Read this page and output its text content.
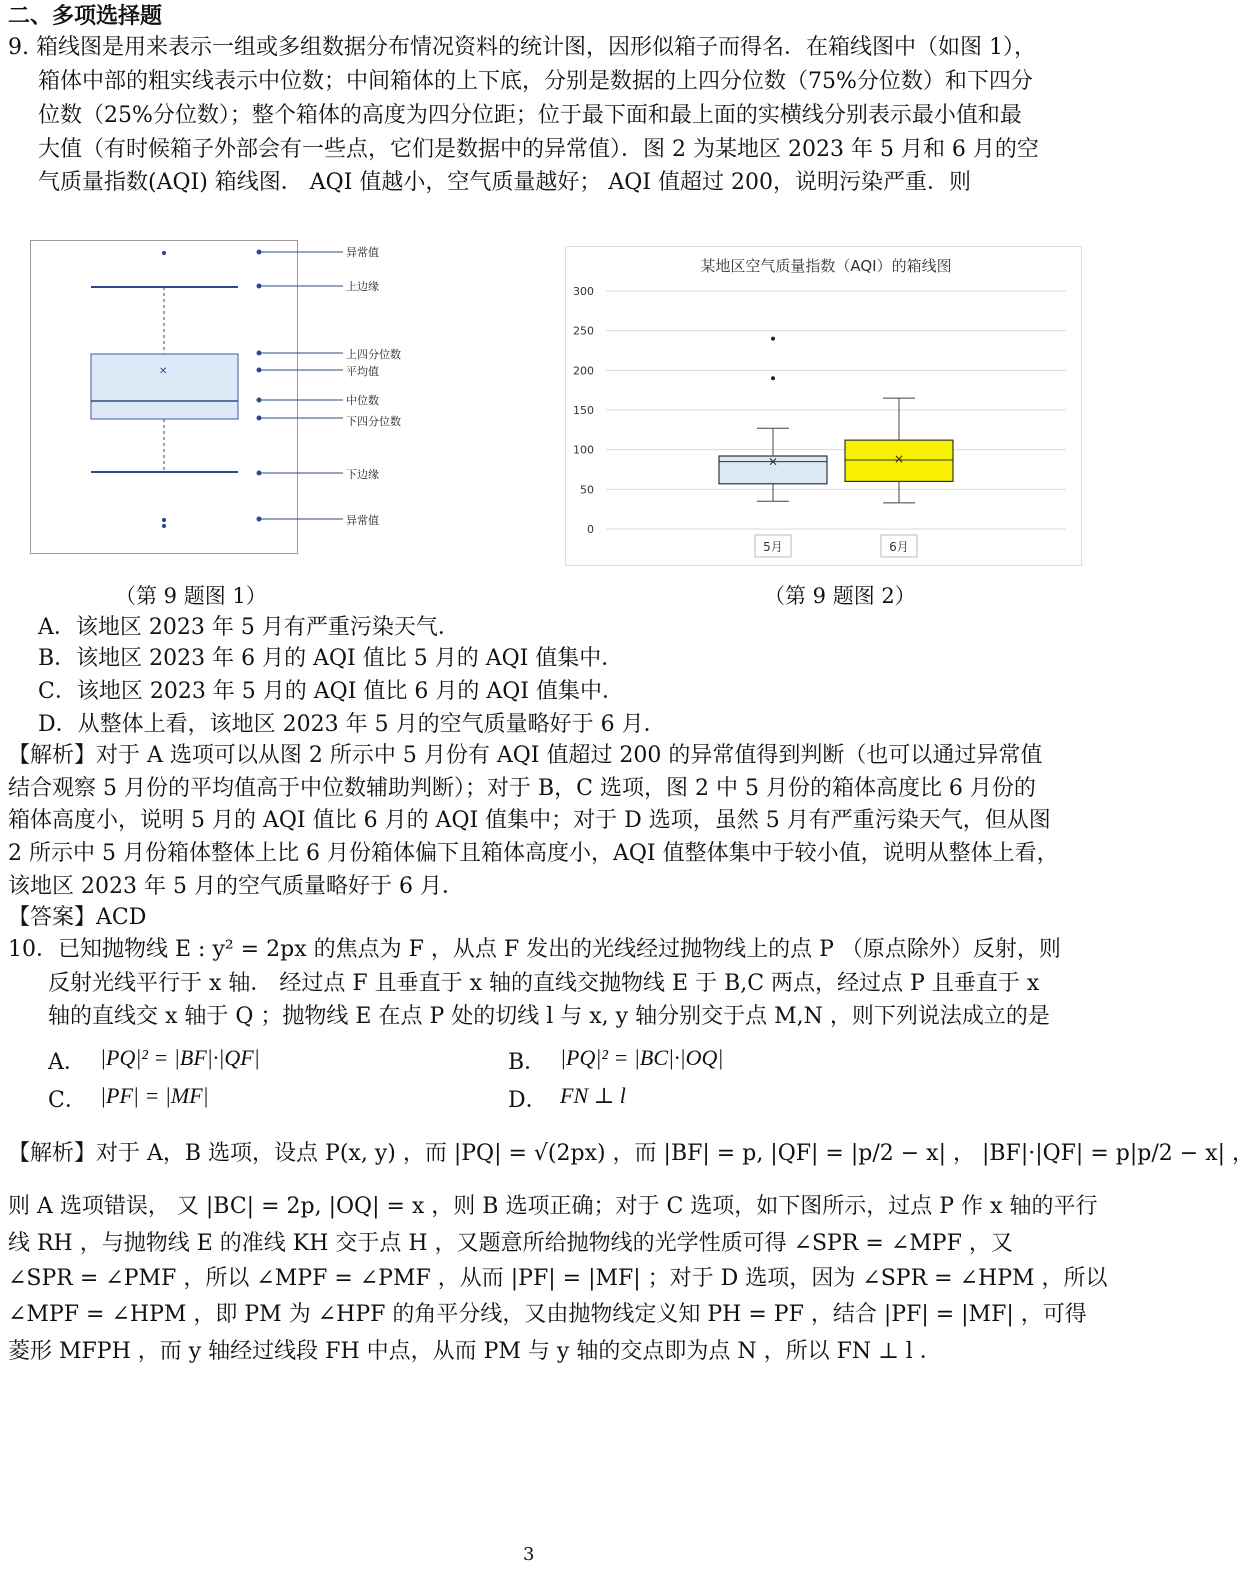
二、多项选择题
9. 箱线图是用来表示一组或多组数据分布情况资料的统计图，因形似箱子而得名．在箱线图中（如图 1），
箱体中部的粗实线表示中位数；中间箱体的上下底，分别是数据的上四分位数（75%分位数）和下四分
位数（25%分位数）；整个箱体的高度为四分位距；位于最下面和最上面的实横线分别表示最小值和最
大值（有时候箱子外部会有一些点，它们是数据中的异常值）．图 2 为某地区 2023 年 5 月和 6 月的空
气质量指数(AQI) 箱线图． AQI 值越小，空气质量越好； AQI 值超过 200，说明污染严重．则
✕
异常值
上边缘
上四分位数
平均值
中位数
下四分位数
下边缘
异常值
某地区空气质量指数（AQI）的箱线图
0
50
100
150
200
250
300
×	×
5月	6月
（第 9 题图 1）	（第 9 题图 2）
A．该地区 2023 年 5 月有严重污染天气．
B．该地区 2023 年 6 月的 AQI 值比 5 月的 AQI 值集中．
C．该地区 2023 年 5 月的 AQI 值比 6 月的 AQI 值集中．
D．从整体上看，该地区 2023 年 5 月的空气质量略好于 6 月．
【解析】对于 A 选项可以从图 2 所示中 5 月份有 AQI 值超过 200 的异常值得到判断（也可以通过异常值
结合观察 5 月份的平均值高于中位数辅助判断）；对于 B，C 选项，图 2 中 5 月份的箱体高度比 6 月份的
箱体高度小，说明 5 月的 AQI 值比 6 月的 AQI 值集中；对于 D 选项，虽然 5 月有严重污染天气，但从图
2 所示中 5 月份箱体整体上比 6 月份箱体偏下且箱体高度小，AQI 值整体集中于较小值，说明从整体上看，
该地区 2023 年 5 月的空气质量略好于 6 月．
【答案】ACD
10．已知抛物线 E : y² = 2px 的焦点为 F ，从点 F 发出的光线经过抛物线上的点 P （原点除外）反射，则
反射光线平行于 x 轴． 经过点 F 且垂直于 x 轴的直线交抛物线 E 于 B,C 两点，经过点 P 且垂直于 x
轴的直线交 x 轴于 Q ；抛物线 E 在点 P 处的切线 l 与 x, y 轴分别交于点 M,N ，则下列说法成立的是
A． |PQ|² = |BF|·|QF|	B． |PQ|² = |BC|·|OQ|
C． |PF| = |MF|	D． FN ⊥ l
【解析】对于 A，B 选项，设点 P(x, y) ，而 |PQ| = √(2px) ，而 |BF| = p, |QF| = |p/2 − x| ， |BF|·|QF| = p|p/2 − x| ，
则 A 选项错误， 又 |BC| = 2p, |OQ| = x ，则 B 选项正确；对于 C 选项，如下图所示，过点 P 作 x 轴的平行
线 RH ，与抛物线 E 的准线 KH 交于点 H ，又题意所给抛物线的光学性质可得 ∠SPR = ∠MPF ，又
∠SPR = ∠PMF ，所以 ∠MPF = ∠PMF ，从而 |PF| = |MF| ；对于 D 选项，因为 ∠SPR = ∠HPM ，所以
∠MPF = ∠HPM ，即 PM 为 ∠HPF 的角平分线，又由抛物线定义知 PH = PF ，结合 |PF| = |MF| ，可得
菱形 MFPH ，而 y 轴经过线段 FH 中点，从而 PM 与 y 轴的交点即为点 N ，所以 FN ⊥ l ．
3
